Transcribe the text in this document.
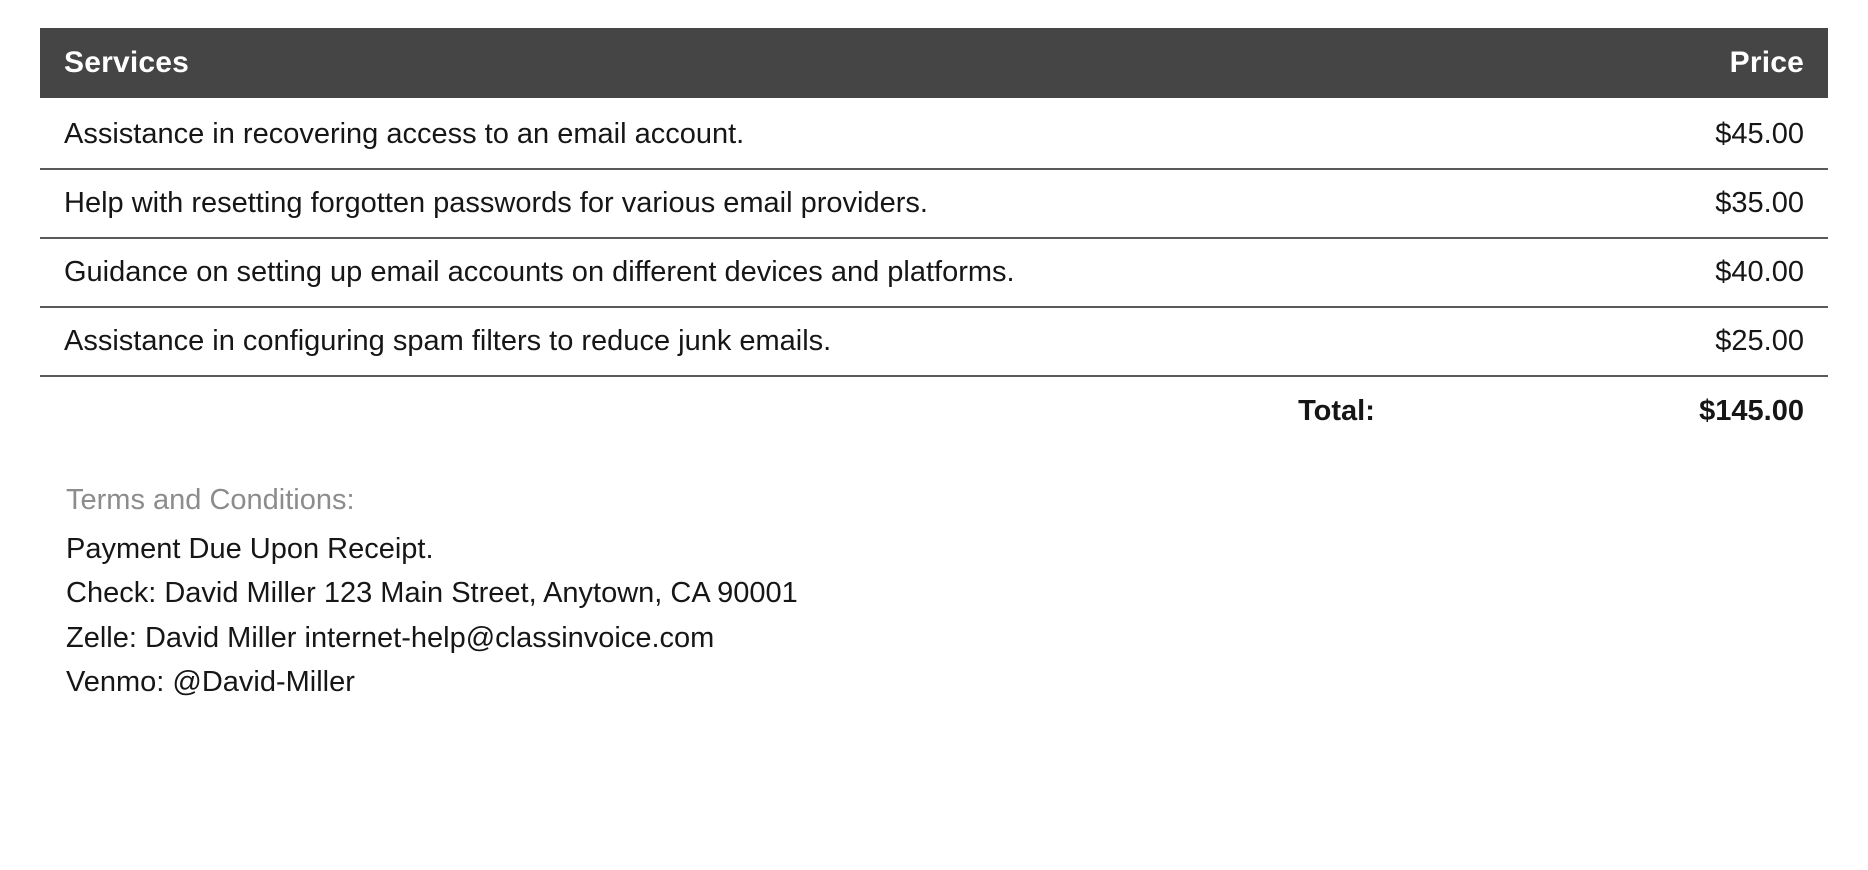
Services	Price
Assistance in recovering access to an email account.	$45.00
Help with resetting forgotten passwords for various email providers.	$35.00
Guidance on setting up email accounts on different devices and platforms.	$40.00
Assistance in configuring spam filters to reduce junk emails.	$25.00
Total:	$145.00
Terms and Conditions:
Payment Due Upon Receipt.
Check: David Miller 123 Main Street, Anytown, CA 90001
Zelle: David Miller internet-help@classinvoice.com
Venmo: @David-Miller
